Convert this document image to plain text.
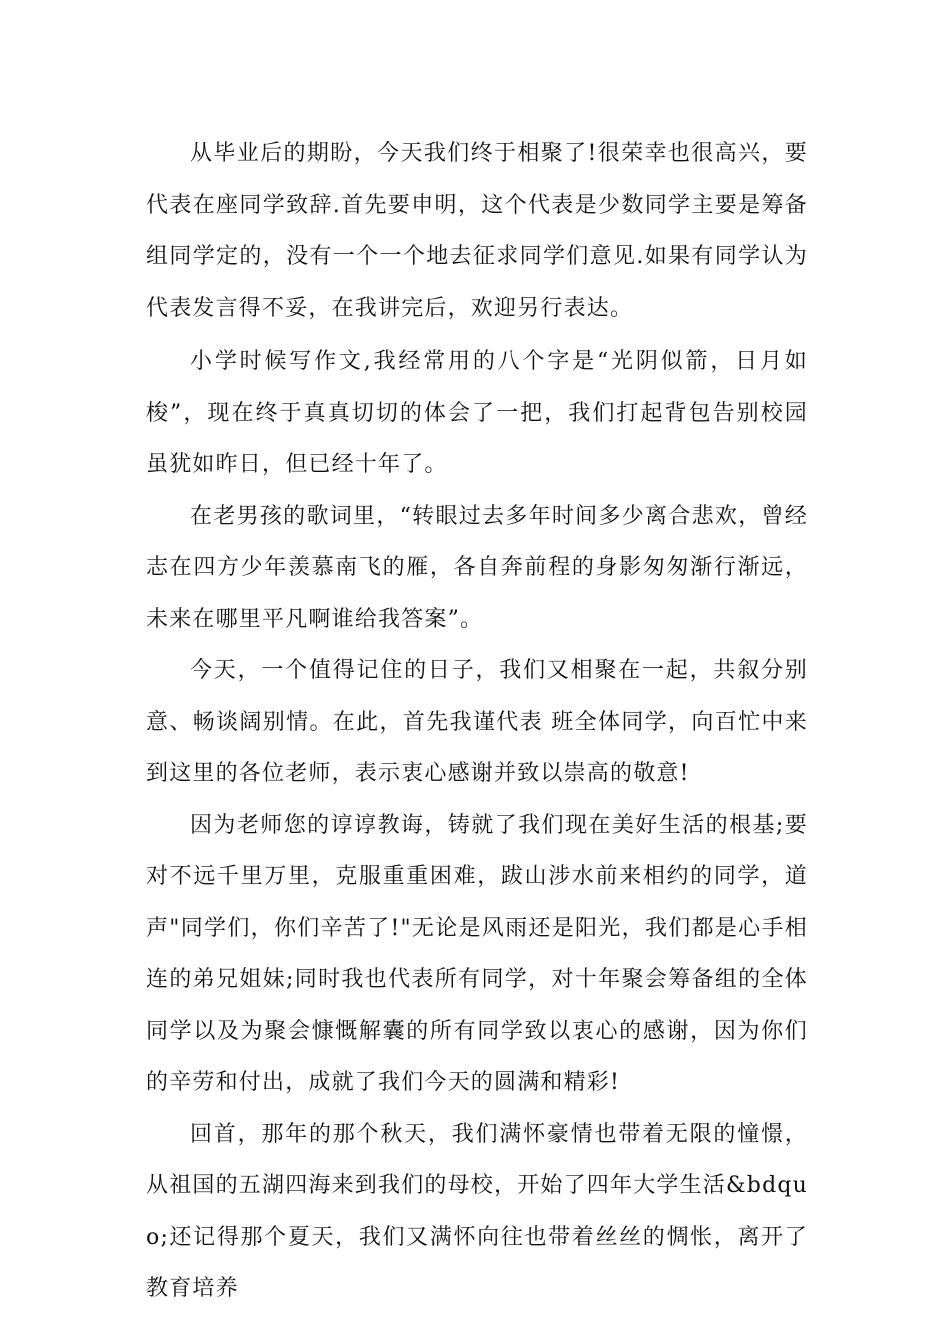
从毕业后的期盼，今天我们终于相聚了!很荣幸也很高兴，要代表在座同学致辞.首先要申明，这个代表是少数同学主要是筹备组同学定的，没有一个一个地去征求同学们意见.如果有同学认为代表发言得不妥，在我讲完后，欢迎另行表达。

小学时候写作文,我经常用的八个字是“光阴似箭，日月如梭”，现在终于真真切切的体会了一把，我们打起背包告别校园虽犹如昨日，但已经十年了。

在老男孩的歌词里，“转眼过去多年时间多少离合悲欢，曾经志在四方少年羡慕南飞的雁，各自奔前程的身影匆匆渐行渐远，未来在哪里平凡啊谁给我答案”。

今天，一个值得记住的日子，我们又相聚在一起，共叙分别意、畅谈阔别情。在此，首先我谨代表 班全体同学，向百忙中来到这里的各位老师，表示衷心感谢并致以崇高的敬意!

因为老师您的谆谆教诲，铸就了我们现在美好生活的根基;要对不远千里万里，克服重重困难，跋山涉水前来相约的同学，道声"同学们，你们辛苦了!"无论是风雨还是阳光，我们都是心手相连的弟兄姐妹;同时我也代表所有同学，对十年聚会筹备组的全体同学以及为聚会慷慨解囊的所有同学致以衷心的感谢，因为你们的辛劳和付出，成就了我们今天的圆满和精彩!

回首，那年的那个秋天，我们满怀豪情也带着无限的憧憬，从祖国的五湖四海来到我们的母校，开始了四年大学生活&bdquo;还记得那个夏天，我们又满怀向往也带着丝丝的惆怅，离开了教育培养
